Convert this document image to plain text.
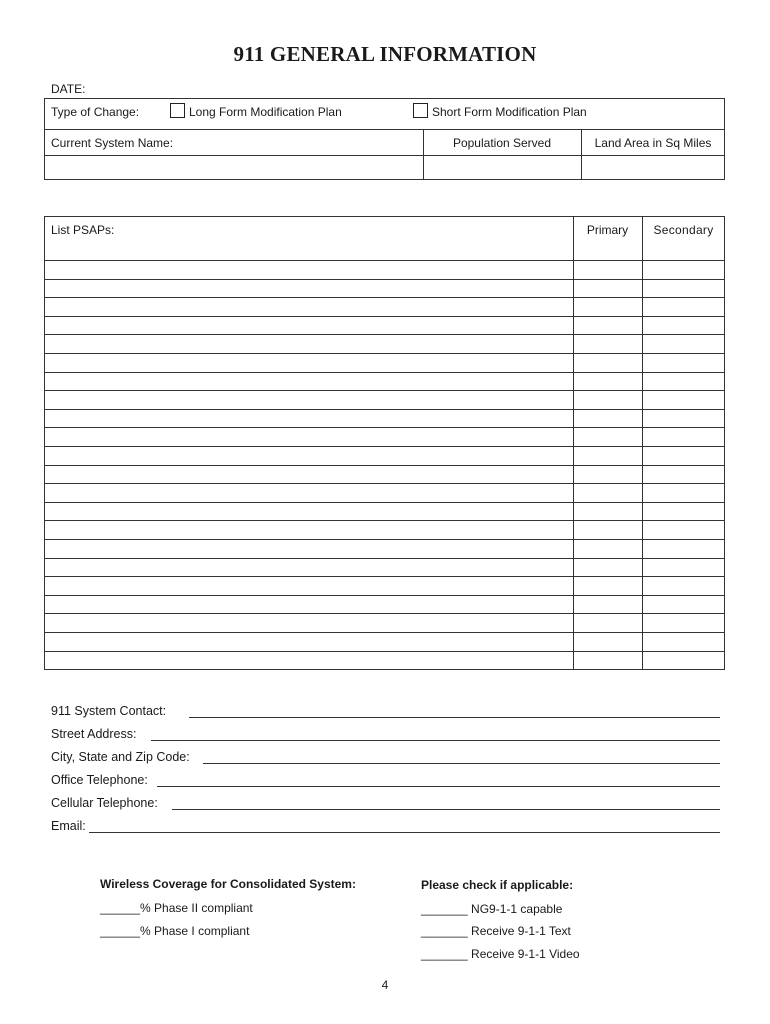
911 GENERAL INFORMATION
DATE:
Type of Change:	Long Form Modification Plan	Short Form Modification Plan
Current System Name:	Population Served	Land Area in Sq Miles
List PSAPs:	Primary	Secondary
911 System Contact:
Street Address:
City, State and Zip Code:
Office Telephone:
Cellular Telephone:
Email:
Wireless Coverage for Consolidated System:
______% Phase II compliant
______% Phase I compliant
Please check if applicable:
_______ NG9-1-1 capable
_______ Receive 9-1-1 Text
_______ Receive 9-1-1 Video
4
